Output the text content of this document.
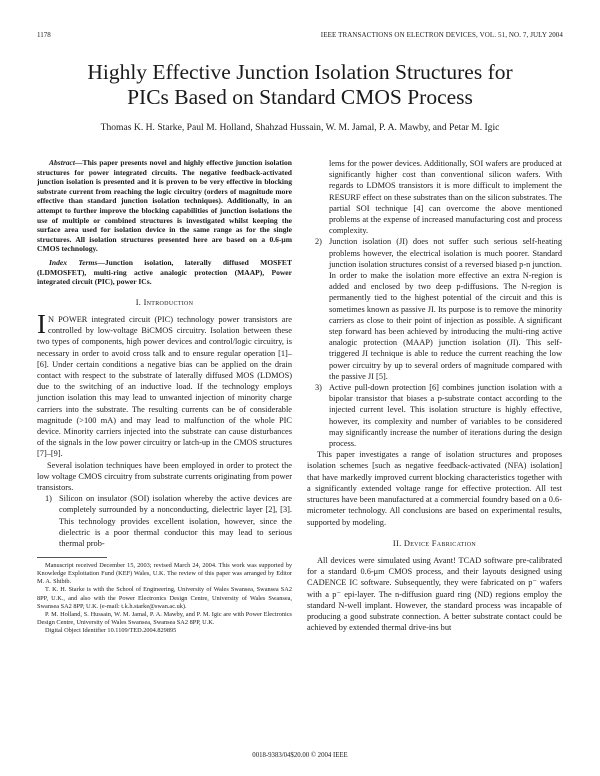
1178	IEEE TRANSACTIONS ON ELECTRON DEVICES, VOL. 51, NO. 7, JULY 2004
Highly Effective Junction Isolation Structures for
PICs Based on Standard CMOS Process
Thomas K. H. Starke, Paul M. Holland, Shahzad Hussain, W. M. Jamal, P. A. Mawby, and Petar M. Igic

Abstract—This paper presents novel and highly effective junction isolation structures for power integrated circuits. The negative feedback-activated junction isolation is presented and it is proven to be very effective in blocking substrate current from reaching the logic circuitry (orders of magnitude more effective than standard junction isolation techniques). Additionally, in an attempt to further improve the blocking capabilities of junction isolations the use of multiple or combined structures is investigated whilst keeping the surface area used for isolation device in the same range as for the single structures. All isolation structures presented here are based on a 0.6-μm CMOS technology.

Index Terms—Junction isolation, laterally diffused MOSFET (LDMOSFET), multi-ring active analogic protection (MAAP), Power integrated circuit (PIC), power ICs.

I. Introduction

I N POWER integrated circuit (PIC) technology power transistors are controlled by low-voltage BiCMOS circuitry. Isolation between these two types of components, high power devices and control/logic circuitry, is necessary in order to avoid cross talk and to ensure regular operation [1]–[6]. Under certain conditions a negative bias can be applied on the drain contact with respect to the substrate of laterally diffused MOS (LDMOS) due to the switching of an inductive load. If the technology employs junction isolation this may lead to unwanted injection of minority charge carriers into the substrate. The resulting currents can be of considerable magnitude (>100 mA) and may lead to malfunction of the whole PIC device. Minority carriers injected into the substrate can cause disturbances of the signals in the low power circuitry or latch-up in the CMOS structures [7]–[9].

Several isolation techniques have been employed in order to protect the low voltage CMOS circuitry from substrate currents originating from power transistors.

1) Silicon on insulator (SOI) isolation whereby the active devices are completely surrounded by a nonconducting, dielectric layer [2], [3]. This technology provides excellent isolation, however, since the dielectric is a poor thermal conductor this may lead to serious thermal prob-

Manuscript received December 15, 2003; revised March 24, 2004. This work was supported by Knowledge Exploitation Fund (KEF) Wales, U.K. The review of this paper was arranged by Editor M. A. Shibib.

T. K. H. Starke is with the School of Engineering, University of Wales Swansea, Swansea SA2 8PP, U.K., and also with the Power Electronics Design Centre, University of Wales Swansea, Swansea SA2 8PP, U.K. (e-mail: t.k.h.starke@swan.ac.uk).

P. M. Holland, S. Hussain, W. M. Jamal, P. A. Mawby, and P. M. Igic are with Power Electronics Design Centre, University of Wales Swansea, Swansea SA2 8PP, U.K.

Digital Object Identifier 10.1109/TED.2004.829895

lems for the power devices. Additionally, SOI wafers are produced at significantly higher cost than conventional silicon wafers. With regards to LDMOS transistors it is more difficult to implement the RESURF effect on these substrates than on the silicon substrates. The partial SOI technique [4] can overcome the above mentioned problems at the expense of increased manufacturing cost and process complexity.
2) Junction isolation (JI) does not suffer such serious self-heating problems however, the electrical isolation is much poorer. Standard junction isolation structures consist of a reversed biased p-n junction. In order to make the isolation more effective an extra N-region is added and enclosed by two deep p-diffusions. The N-region is permanently tied to the highest potential of the circuit and this is sometimes known as passive JI. Its purpose is to remove the minority carriers as close to their point of injection as possible. A significant step forward has been achieved by introducing the multi-ring active analogic protection (MAAP) junction isolation (JI). This self-triggered JI technique is able to reduce the current reaching the low power circuitry by up to several orders of magnitude compared with the passive JI [5].
3) Active pull-down protection [6] combines junction isolation with a bipolar transistor that biases a p-substrate contact according to the injected current level. This isolation structure is highly effective, however, its complexity and number of variables to be considered may significantly increase the number of iterations during the design process.

This paper investigates a range of isolation structures and proposes isolation schemes [such as negative feedback-activated (NFA) isolation] that have markedly improved current blocking characteristics together with a significantly extended voltage range for effective protection. All test structures have been manufactured at a commercial foundry based on a 0.6-micrometer technology. All conclusions are based on experimental results, supported by modeling.

II. Device Fabrication

All devices were simulated using Avant! TCAD software pre-calibrated for a standard 0.6-μm CMOS process, and their layouts designed using CADENCE IC software. Subsequently, they were fabricated on p⁻ wafers with a p⁻ epi-layer. The n-diffusion guard ring (ND) regions employ the standard N-well implant. However, the standard process was incapable of producing a good substrate connection. A better substrate contact could be achieved by extended thermal drive-ins but

0018-9383/04$20.00 © 2004 IEEE
